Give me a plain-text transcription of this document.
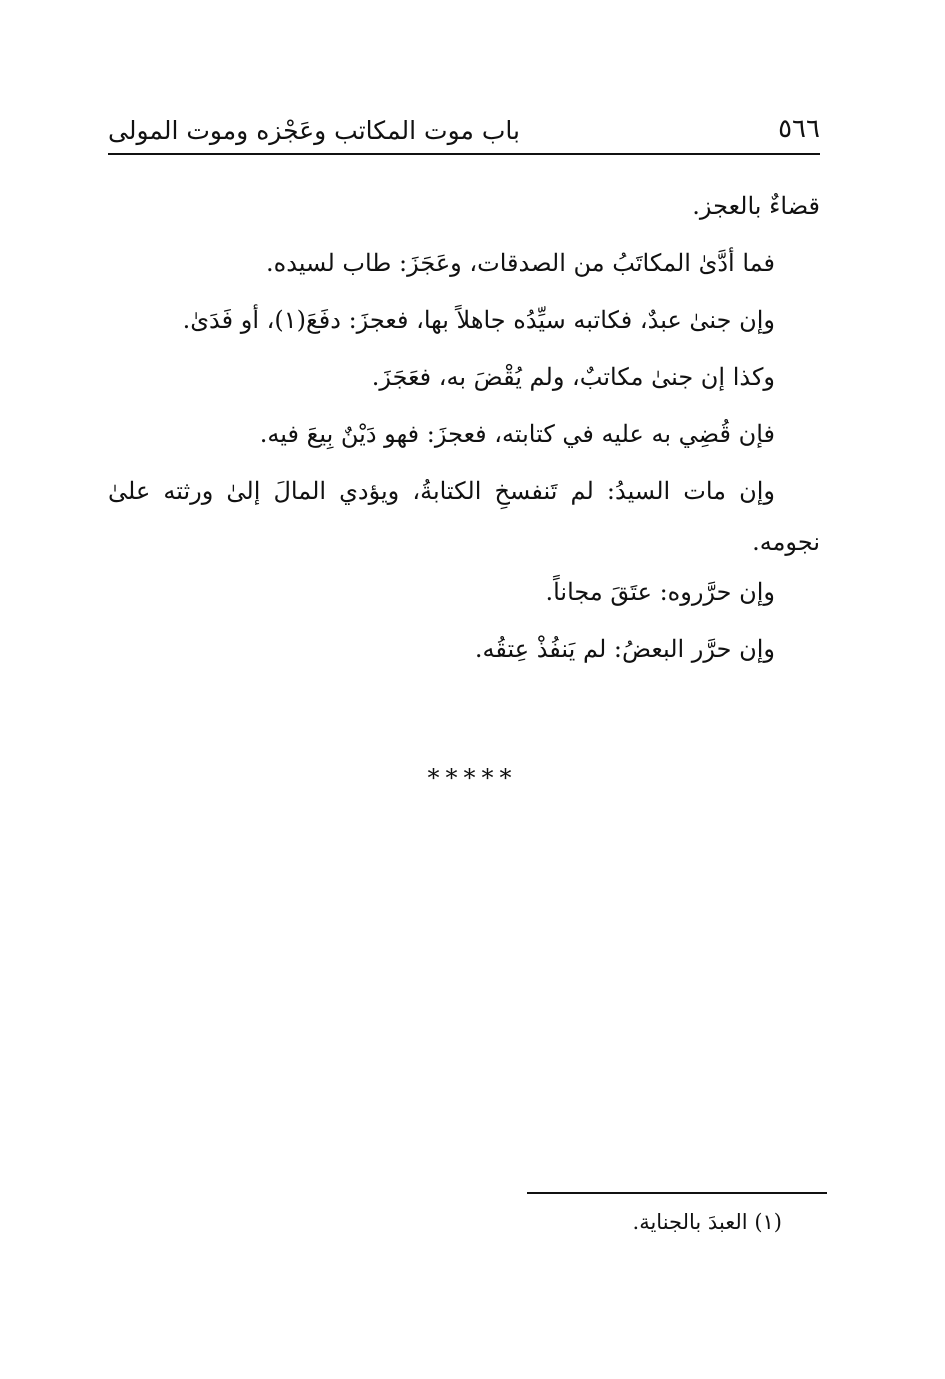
٥٦٦
باب موت المكاتب وعَجْزه وموت المولى
قضاءٌ بالعجز.
فما أدَّىٰ المكاتَبُ من الصدقات، وعَجَزَ: طاب لسيده.
وإن جنىٰ عبدٌ، فكاتبه سيِّدُه جاهلاً بها، فعجزَ: دفَعَ(١)، أو فَدَىٰ.
وكذا إن جنىٰ مكاتبٌ، ولم يُقْضَ به، فعَجَزَ.
فإن قُضِي به عليه في كتابته، فعجزَ: فهو دَيْنٌ بِيعَ فيه.
وإن مات السيدُ: لم تَنفسخِ الكتابةُ، ويؤدي المالَ إلىٰ ورثته علىٰ
نجومه.
وإن حرَّروه: عتَقَ مجاناً.
وإن حرَّر البعضُ: لم يَنفُذْ عِتقُه.
*****
(١) العبدَ بالجناية.
